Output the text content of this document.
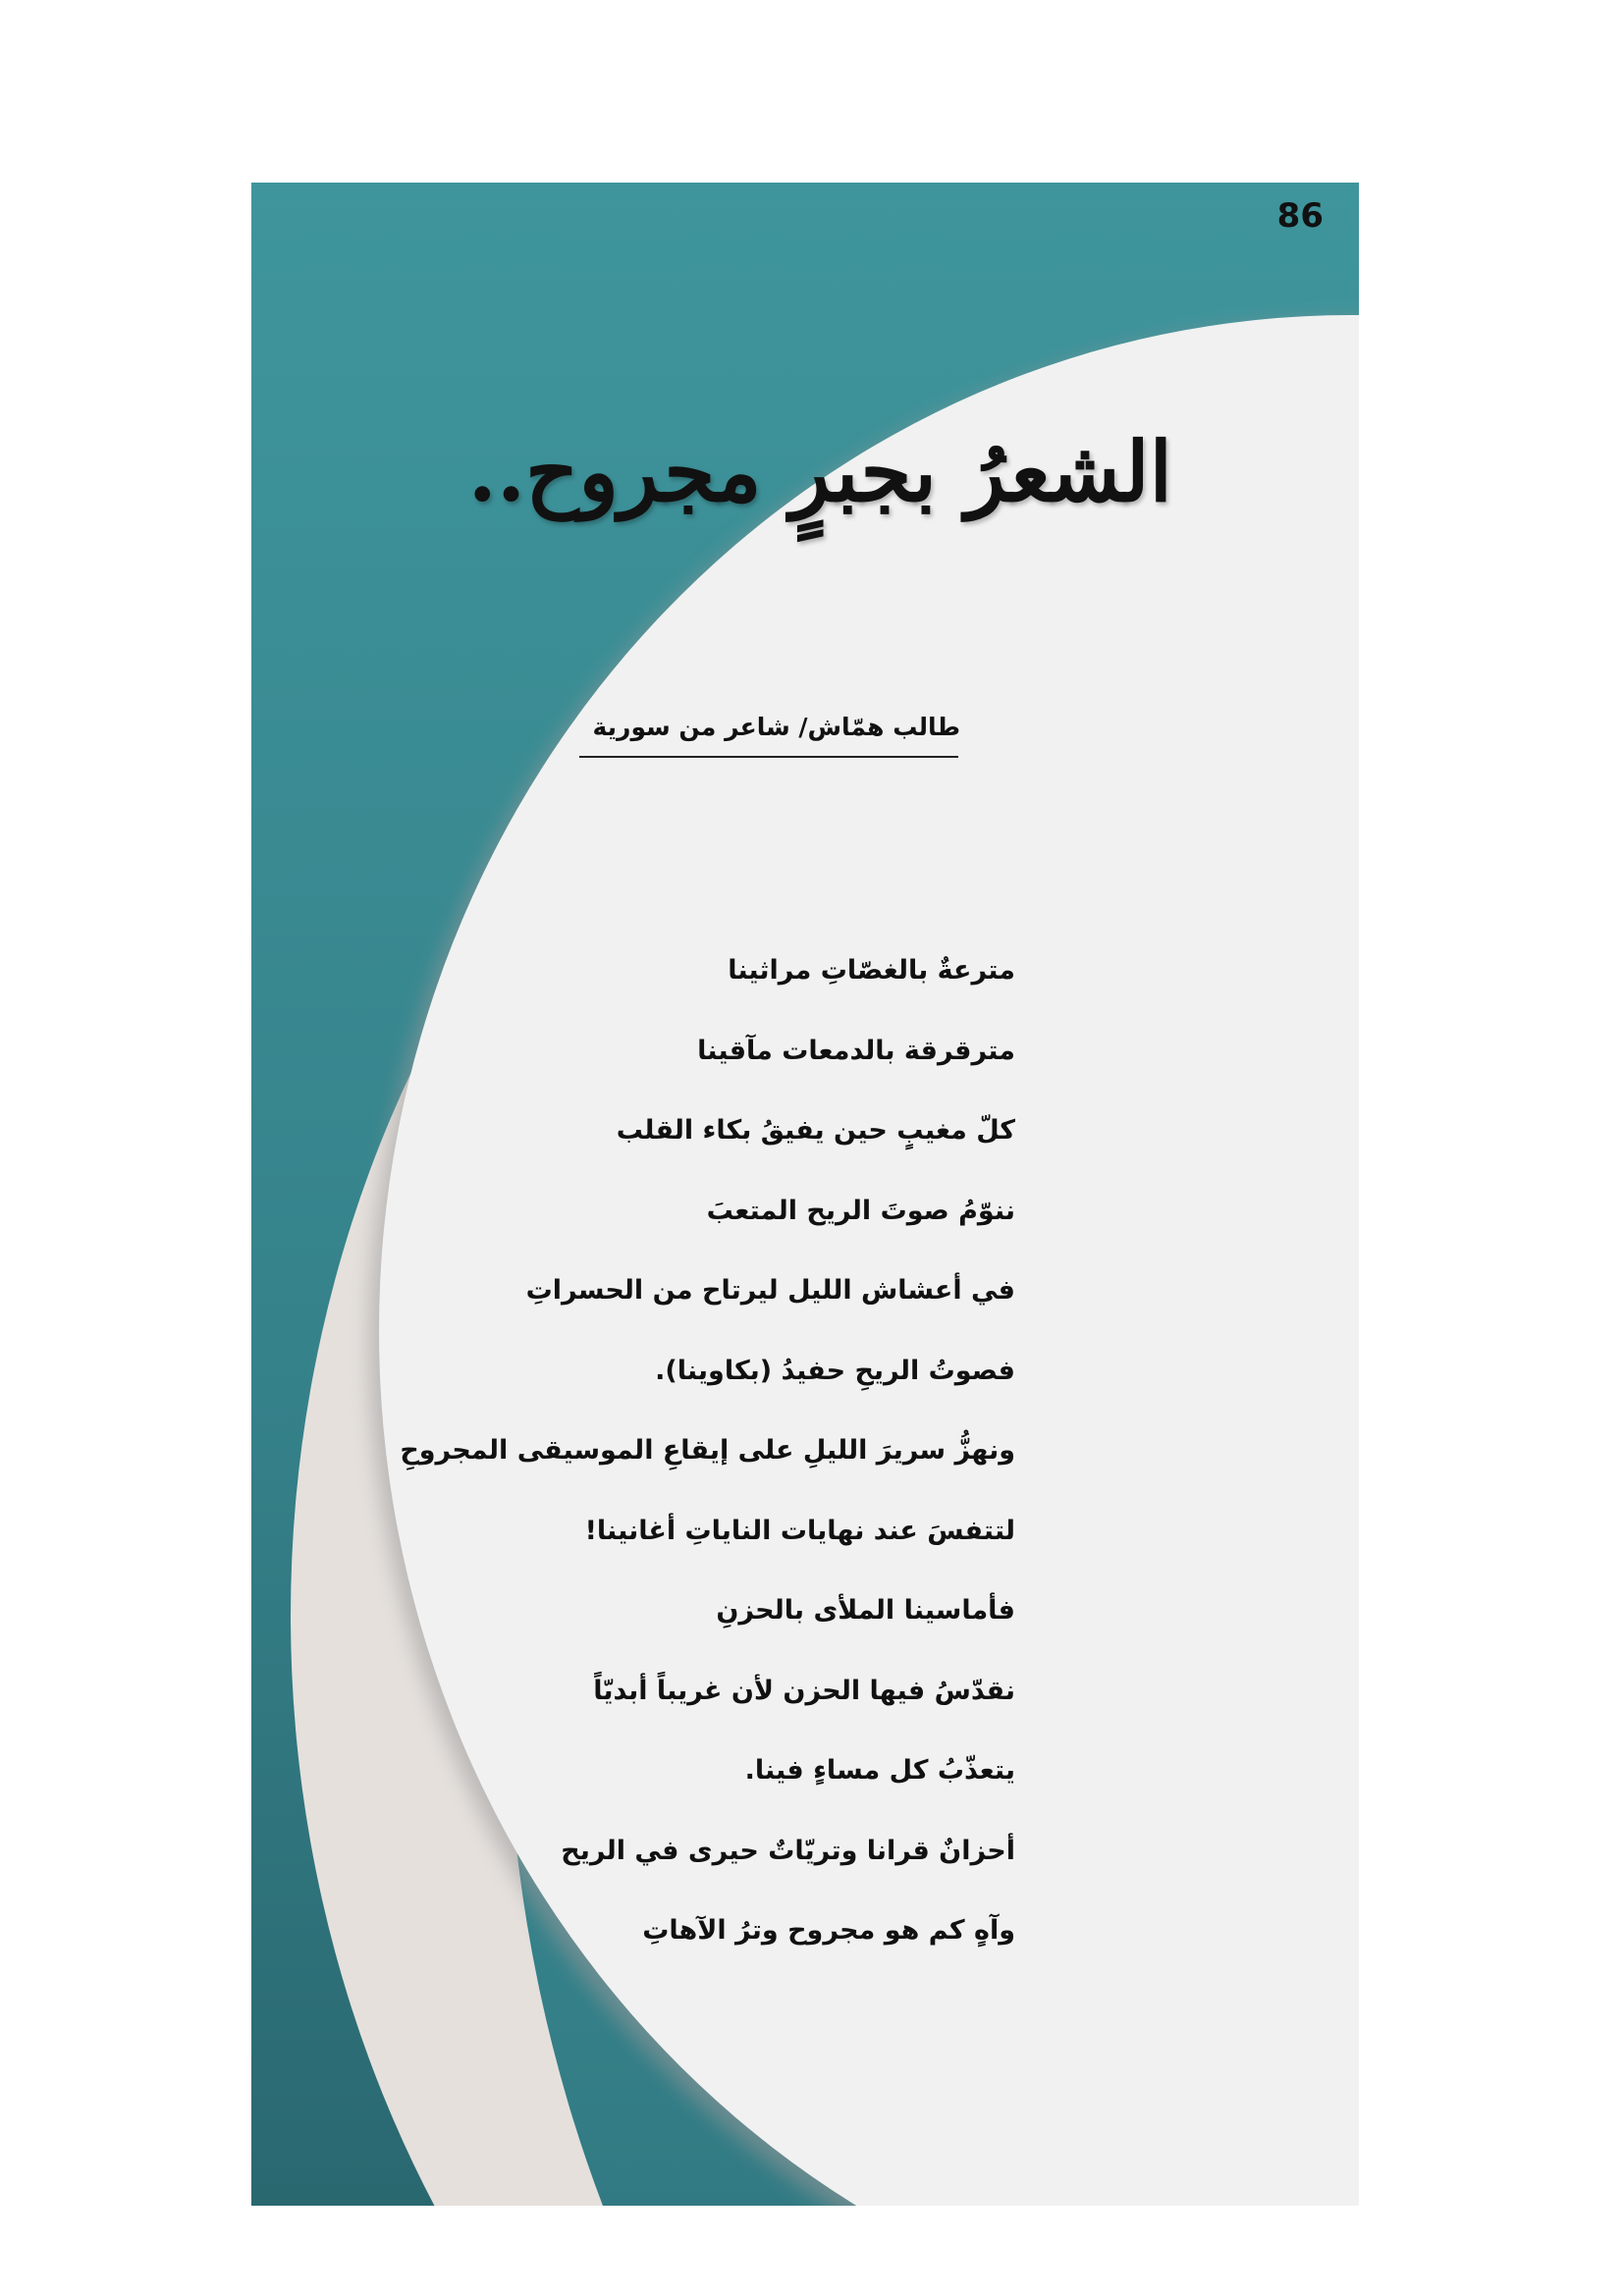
86
الشعرُ بجبرٍ مجروح..
طالب همّاش/ شاعر من سورية
مترعةٌ بالغصّاتِ مراثينا
مترقرقة بالدمعات مآقينا
كلّ مغيبٍ حين يفيقُ بكاء القلب
ننوّمُ صوتَ الريح المتعبَ
في أعشاش الليل ليرتاح من الحسراتِ
فصوتُ الريحِ حفيدُ (بكاوينا).
ونهزُّ سريرَ الليلِ على إيقاعِ الموسيقى المجروحِ
لتتفسَ عند نهايات الناياتِ أغانينا!
فأماسينا الملأى بالحزنِ
نقدّسُ فيها الحزن لأن غريباً أبديّاً
يتعذّبُ كل مساءٍ فينا.
أحزانٌ قرانا وتريّاتٌ حيرى في الريح
وآهٍ كم هو مجروح وترُ الآهاتِ
